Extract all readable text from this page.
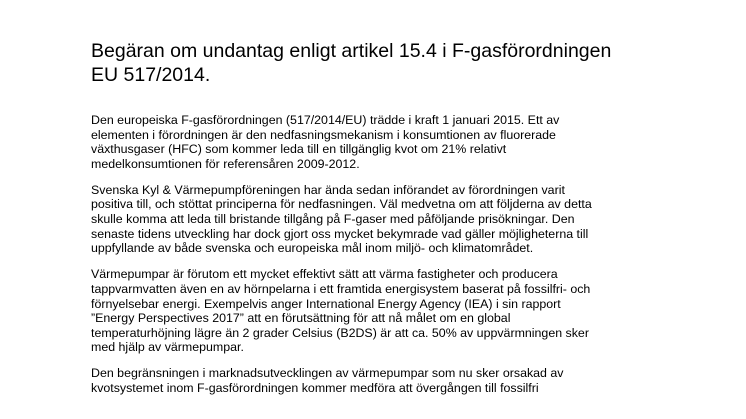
Begäran om undantag enligt artikel 15.4 i F-gasförordningen
EU 517/2014.

Den europeiska F-gasförordningen (517/2014/EU) trädde i kraft 1 januari 2015. Ett av
elementen i förordningen är den nedfasningsmekanism i konsumtionen av fluorerade
växthusgaser (HFC) som kommer leda till en tillgänglig kvot om 21% relativt
medelkonsumtionen för referensåren 2009-2012.

Svenska Kyl & Värmepumpföreningen har ända sedan införandet av förordningen varit
positiva till, och stöttat principerna för nedfasningen. Väl medvetna om att följderna av detta
skulle komma att leda till bristande tillgång på F-gaser med påföljande prisökningar. Den
senaste tidens utveckling har dock gjort oss mycket bekymrade vad gäller möjligheterna till
uppfyllande av både svenska och europeiska mål inom miljö- och klimatområdet.

Värmepumpar är förutom ett mycket effektivt sätt att värma fastigheter och producera
tappvarmvatten även en av hörnpelarna i ett framtida energisystem baserat på fossilfri- och
förnyelsebar energi. Exempelvis anger International Energy Agency (IEA) i sin rapport
”Energy Perspectives 2017” att en förutsättning för att nå målet om en global
temperaturhöjning lägre än 2 grader Celsius (B2DS) är att ca. 50% av uppvärmningen sker
med hjälp av värmepumpar.

Den begränsningen i marknadsutvecklingen av värmepumpar som nu sker orsakad av
kvotsystemet inom F-gasförordningen kommer medföra att övergången till fossilfri
